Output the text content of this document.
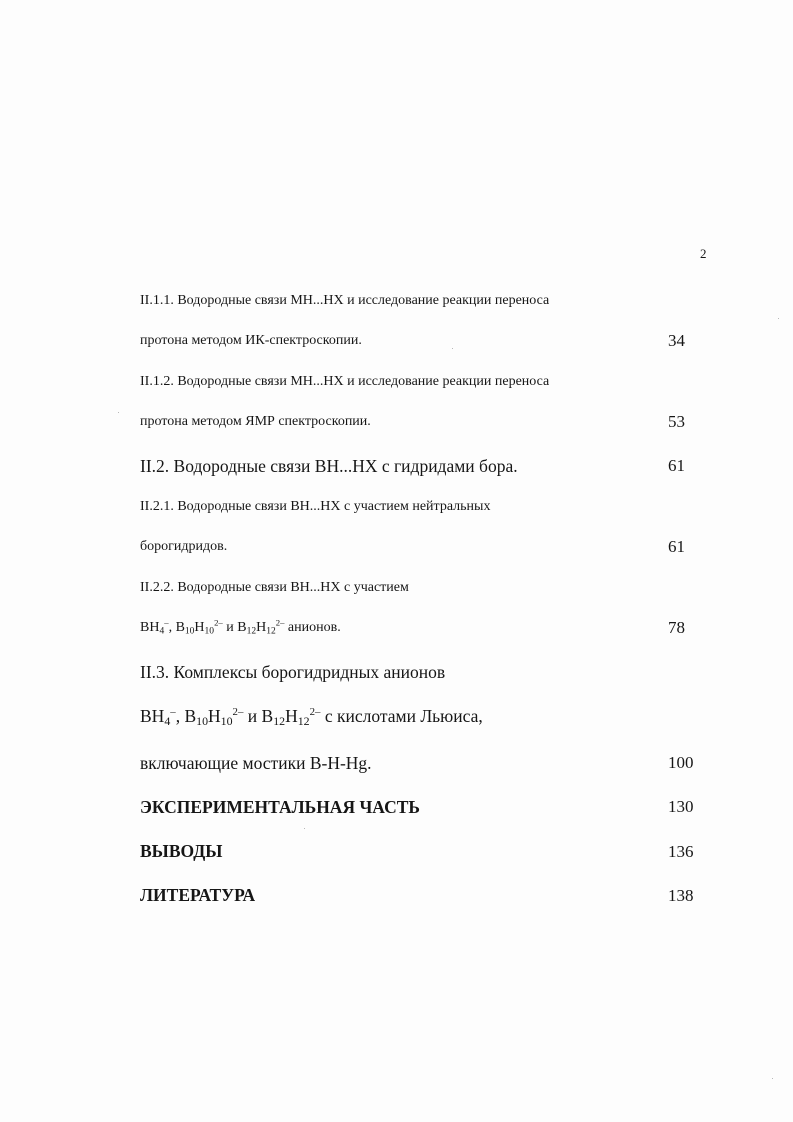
2
II.1.1. Водородные связи МН...НХ и исследование реакции переноса
протона методом ИК-спектроскопии.	34
II.1.2. Водородные связи МН...НХ и исследование реакции переноса
протона методом ЯМР спектроскопии.	53
II.2. Водородные связи ВН...НХ с гидридами бора.	61
II.2.1. Водородные связи ВН...НХ с участием нейтральных
борогидридов.	61
II.2.2. Водородные связи ВН...НХ с участием
$BH_4^-$, $B_{10}H_{10}^{2-}$ и $B_{12}H_{12}^{2-}$ анионов.	78
II.3. Комплексы борогидридных анионов
$BH_4^-$, $B_{10}H_{10}^{2-}$ и $B_{12}H_{12}^{2-}$ с кислотами Льюиса,
включающие мостики В-Н-Hg.	100
ЭКСПЕРИМЕНТАЛЬНАЯ ЧАСТЬ	130
ВЫВОДЫ	136
ЛИТЕРАТУРА	138
